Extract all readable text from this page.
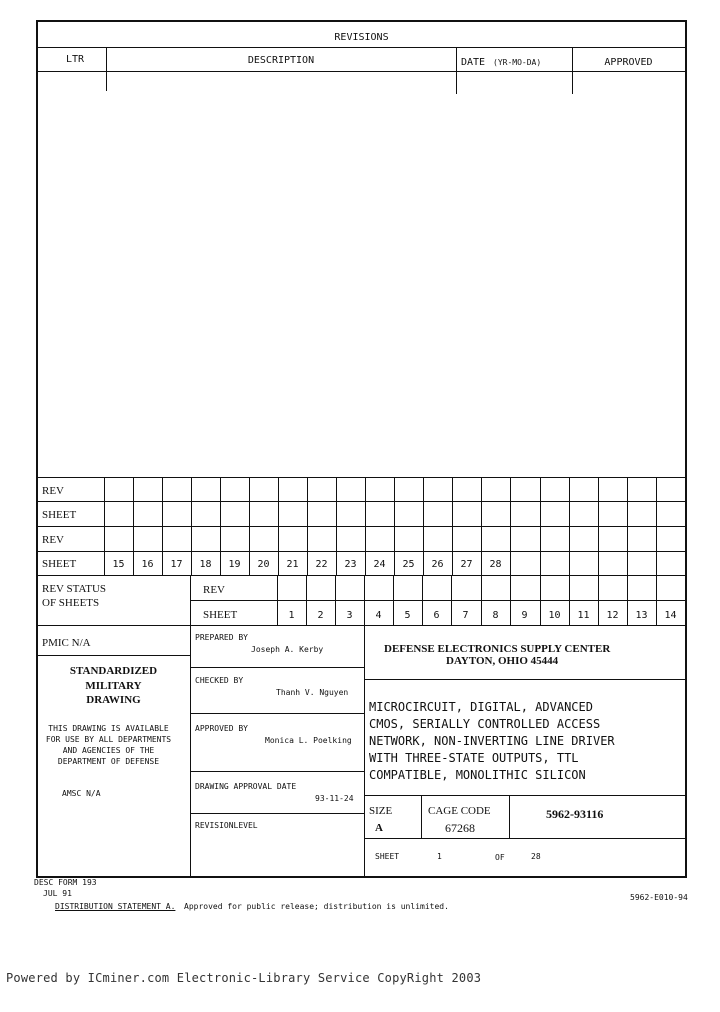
REVISIONS
LTR	DESCRIPTION	DATE (YR-MO-DA)	APPROVED
REV
SHEET
REV
SHEET	15	16	17	18	19	20	21	22	23	24	25	26	27	28
REV STATUS
OF SHEETS
REV
SHEET	1	2	3	4	5	6	7	8	9	10	11	12	13	14
PMIC N/A
STANDARDIZED
MILITARY
DRAWING
THIS DRAWING IS AVAILABLE
FOR USE BY ALL DEPARTMENTS
AND AGENCIES OF THE
DEPARTMENT OF DEFENSE
AMSC N/A
PREPARED BY
Joseph A. Kerby
CHECKED BY
Thanh V. Nguyen
APPROVED BY
Monica L. Poelking
DRAWING APPROVAL DATE
93-11-24
REVISIONLEVEL
DEFENSE ELECTRONICS SUPPLY CENTER
DAYTON, OHIO 45444
MICROCIRCUIT, DIGITAL, ADVANCED
CMOS, SERIALLY CONTROLLED ACCESS
NETWORK, NON-INVERTING LINE DRIVER
WITH THREE-STATE OUTPUTS, TTL
COMPATIBLE, MONOLITHIC SILICON
SIZE
A
CAGE CODE
67268
5962-93116
SHEET	1	OF	28
DESC FORM 193
JUL 91
DISTRIBUTION STATEMENT A. Approved for public release; distribution is unlimited.
5962-E010-94
Powered by ICminer.com Electronic-Library Service CopyRight 2003
